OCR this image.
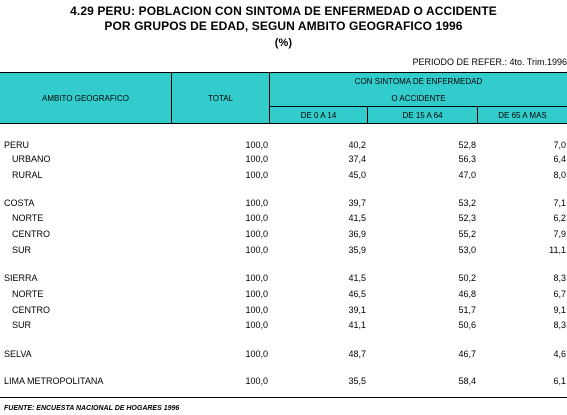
4.29 PERU: POBLACION CON SINTOMA DE ENFERMEDAD O ACCIDENTE
POR GRUPOS DE EDAD, SEGUN AMBITO GEOGRAFICO 1996
(%)
PERIODO DE REFER.: 4to. Trim.1996
AMBITO GEOGRAFICO	TOTAL
CON SINTOMA DE ENFERMEDAD
O ACCIDENTE
DE 0 A 14	DE 15 A 64	DE 65 A MAS
PERU	100,0	40,2	52,8	7,0
URBANO	100,0	37,4	56,3	6,4
RURAL	100,0	45,0	47,0	8,0
COSTA	100,0	39,7	53,2	7,1
NORTE	100,0	41,5	52,3	6,2
CENTRO	100,0	36,9	55,2	7,9
SUR	100,0	35,9	53,0	11,1
SIERRA	100,0	41,5	50,2	8,3
NORTE	100,0	46,5	46,8	6,7
CENTRO	100,0	39,1	51,7	9,1
SUR	100,0	41,1	50,6	8,3
SELVA	100,0	48,7	46,7	4,6
LIMA METROPOLITANA	100,0	35,5	58,4	6,1
FUENTE: ENCUESTA NACIONAL DE HOGARES 1996
